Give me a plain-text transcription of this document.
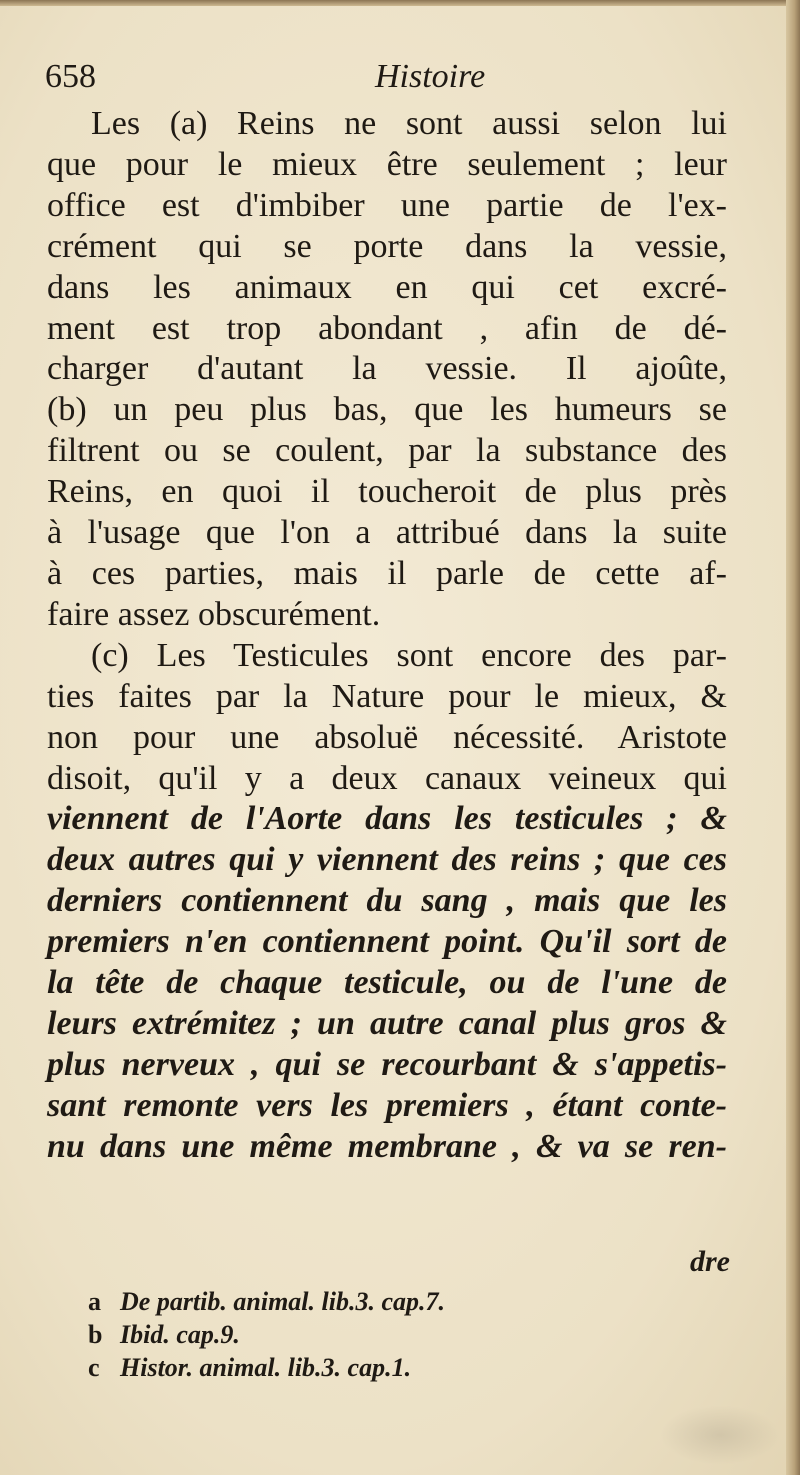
658	Histoire
Les (a) Reins ne sont aussi selon lui
que pour le mieux être seulement ; leur
office est d'imbiber une partie de l'ex-
crément qui se porte dans la vessie,
dans les animaux en qui cet excré-
ment est trop abondant , afin de dé-
charger d'autant la vessie. Il ajoûte,
(b) un peu plus bas, que les humeurs se
filtrent ou se coulent, par la substance des
Reins, en quoi il toucheroit de plus près
à l'usage que l'on a attribué dans la suite
à ces parties, mais il parle de cette af-
faire assez obscurément.
(c) Les Testicules sont encore des par-
ties faites par la Nature pour le mieux, &
non pour une absoluë nécessité. Aristote
disoit, qu'il y a deux canaux veineux qui
viennent de l'Aorte dans les testicules ; &
deux autres qui y viennent des reins ; que ces
derniers contiennent du sang , mais que les
premiers n'en contiennent point. Qu'il sort de
la tête de chaque testicule, ou de l'une de
leurs extrémitez ; un autre canal plus gros &
plus nerveux , qui se recourbant & s'appetis-
sant remonte vers les premiers , étant conte-
nu dans une même membrane , & va se ren-
dre
a De partib. animal. lib.3. cap.7.
b Ibid. cap.9.
c Histor. animal. lib.3. cap.1.
